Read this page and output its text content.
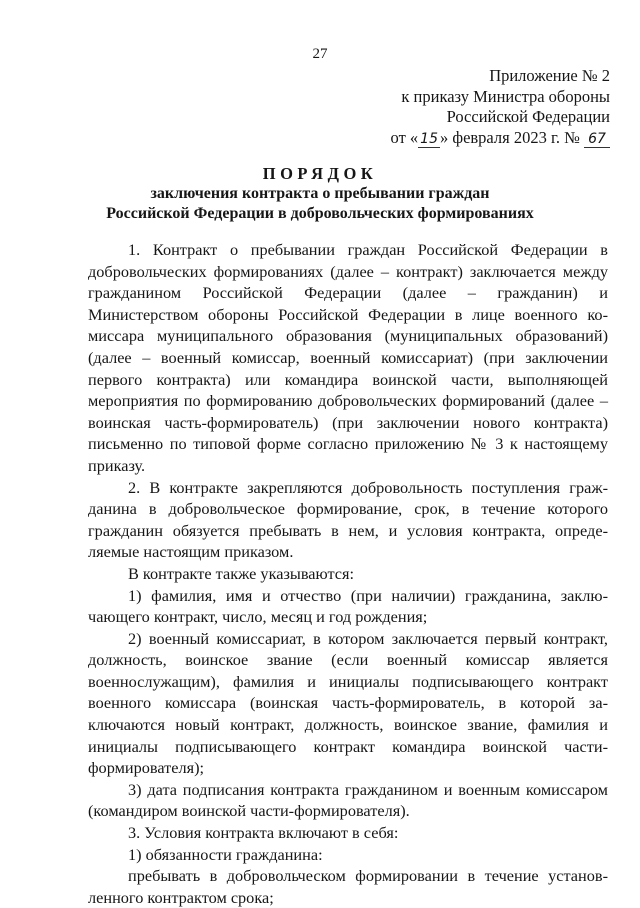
27
Приложение № 2
к приказу Министра обороны
Российской Федерации
от « 15 » февраля 2023 г. № 67
ПОРЯДОК
заключения контракта о пребывании граждан
Российской Федерации в добровольческих формированиях

1. Контракт о пребывании граждан Российской Федерации в добровольческих формированиях (далее – контракт) заключается между гражданином Российской Федерации (далее – гражданин) и Министерством обороны Российской Федерации в лице военного комиссара муниципального образования (муниципальных образований) (далее – военный комиссар, военный комиссариат) (при заключении первого контракта) или командира воинской части, выполняющей мероприятия по формированию добровольческих формирований (далее – воинская часть-формирователь) (при заключении нового контракта) письменно по типовой форме согласно приложению № 3 к настоящему приказу.

2. В контракте закрепляются добровольность поступления гражданина в добровольческое формирование, срок, в течение которого гражданин обязуется пребывать в нем, и условия контракта, определяемые настоящим приказом.

В контракте также указываются:

1) фамилия, имя и отчество (при наличии) гражданина, заключающего контракт, число, месяц и год рождения;

2) военный комиссариат, в котором заключается первый контракт, должность, воинское звание (если военный комиссар является военнослужащим), фамилия и инициалы подписывающего контракт военного комиссара (воинская часть-формирователь, в которой заключаются новый контракт, должность, воинское звание, фамилия и инициалы подписывающего контракт командира воинской части-формирователя);

3) дата подписания контракта гражданином и военным комиссаром (командиром воинской части-формирователя).

3. Условия контракта включают в себя:

1) обязанности гражданина:

пребывать в добровольческом формировании в течение установленного контрактом срока;
